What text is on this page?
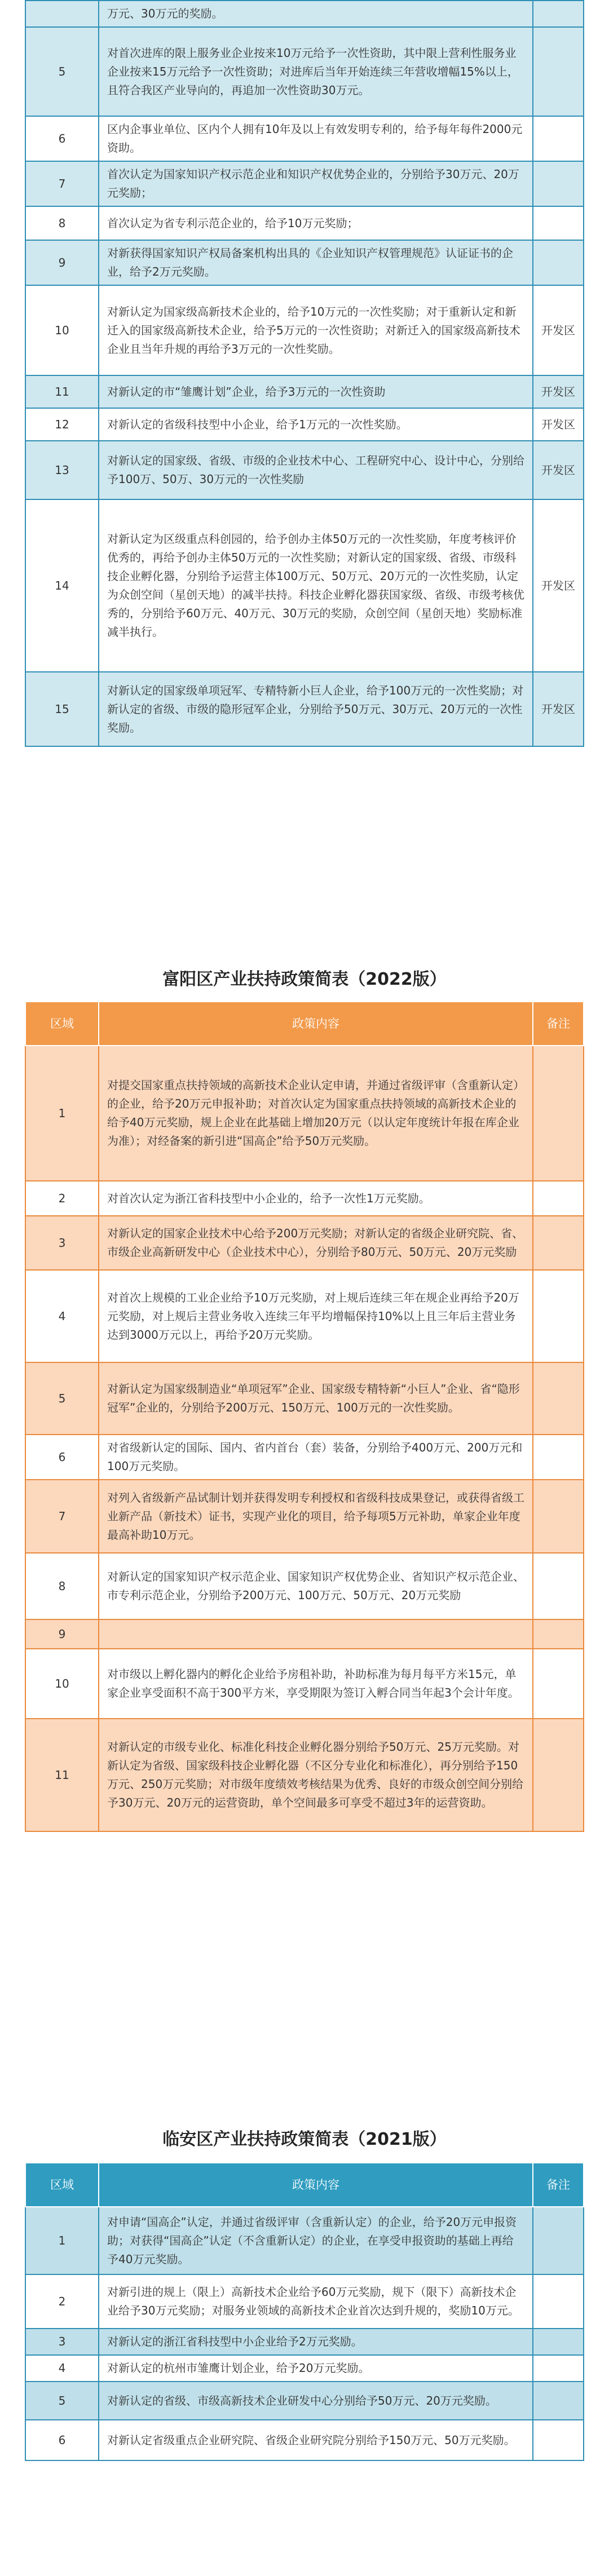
	万元、30万元的奖励。	
5	对首次进库的限上服务业企业按来10万元给予一次性资助，其中限上营利性服务业企业按来15万元给予一次性资助；对进库后当年开始连续三年营收增幅15%以上，且符合我区产业导向的，再追加一次性资助30万元。	
6	区内企事业单位、区内个人拥有10年及以上有效发明专利的，给予每年每件2000元资助。	
7	首次认定为国家知识产权示范企业和知识产权优势企业的，分别给予30万元、20万元奖励；	
8	首次认定为省专利示范企业的，给予10万元奖励；	
9	对新获得国家知识产权局备案机构出具的《企业知识产权管理规范》认证证书的企业，给予2万元奖励。	
10	对新认定为国家级高新技术企业的，给予10万元的一次性奖励；对于重新认定和新迁入的国家级高新技术企业，给予5万元的一次性资助；对新迁入的国家级高新技术企业且当年升规的再给予3万元的一次性奖励。	开发区
11	对新认定的市“雏鹰计划”企业，给予3万元的一次性资助	开发区
12	对新认定的省级科技型中小企业，给予1万元的一次性奖励。	开发区
13	对新认定的国家级、省级、市级的企业技术中心、工程研究中心、设计中心，分别给予100万、50万、30万元的一次性奖励	开发区
14	对新认定为区级重点科创园的，给予创办主体50万元的一次性奖励，年度考核评价优秀的，再给予创办主体50万元的一次性奖励；对新认定的国家级、省级、市级科技企业孵化器，分别给予运营主体100万元、50万元、20万元的一次性奖励，认定为众创空间（星创天地）的减半扶持。科技企业孵化器获国家级、省级、市级考核优秀的，分别给予60万元、40万元、30万元的奖励，众创空间（星创天地）奖励标准减半执行。	开发区
15	对新认定的国家级单项冠军、专精特新小巨人企业，给予100万元的一次性奖励；对新认定的省级、市级的隐形冠军企业，分别给予50万元、30万元、20万元的一次性奖励。	开发区
富阳区产业扶持政策简表（2022版）
区域	政策内容	备注
1	对提交国家重点扶持领域的高新技术企业认定申请，并通过省级评审（含重新认定）的企业，给予20万元申报补助；对首次认定为国家重点扶持领域的高新技术企业的给予40万元奖励，规上企业在此基础上增加20万元（以认定年度统计年报在库企业为准）；对经备案的新引进“国高企”给予50万元奖励。	
2	对首次认定为浙江省科技型中小企业的，给予一次性1万元奖励。	
3	对新认定的国家企业技术中心给予200万元奖励；对新认定的省级企业研究院、省、市级企业高新研发中心（企业技术中心），分别给予80万元、50万元、20万元奖励	
4	对首次上规模的工业企业给予10万元奖励，对上规后连续三年在规企业再给予20万元奖励，对上规后主营业务收入连续三年平均增幅保持10%以上且三年后主营业务达到3000万元以上，再给予20万元奖励。	
5	对新认定为国家级制造业“单项冠军”企业、国家级专精特新“小巨人”企业、省“隐形冠军”企业的，分别给予200万元、150万元、100万元的一次性奖励。	
6	对省级新认定的国际、国内、省内首台（套）装备，分别给予400万元、200万元和100万元奖励。	
7	对列入省级新产品试制计划并获得发明专利授权和省级科技成果登记，或获得省级工业新产品（新技术）证书，实现产业化的项目，给予每项5万元补助，单家企业年度最高补助10万元。	
8	对新认定的国家知识产权示范企业、国家知识产权优势企业、省知识产权示范企业、市专利示范企业，分别给予200万元、100万元、50万元、20万元奖励	
9		
10	对市级以上孵化器内的孵化企业给予房租补助，补助标准为每月每平方米15元，单家企业享受面积不高于300平方米，享受期限为签订入孵合同当年起3个会计年度。	
11	对新认定的市级专业化、标准化科技企业孵化器分别给予50万元、25万元奖励。对新认定为省级、国家级科技企业孵化器（不区分专业化和标准化），再分别给予150万元、250万元奖励；对市级年度绩效考核结果为优秀、良好的市级众创空间分别给予30万元、20万元的运营资助，单个空间最多可享受不超过3年的运营资助。	
临安区产业扶持政策简表（2021版）
区域	政策内容	备注
1	对申请“国高企”认定，并通过省级评审（含重新认定）的企业，给予20万元申报资助；对获得“国高企”认定（不含重新认定）的企业，在享受申报资助的基础上再给予40万元奖励。	
2	对新引进的规上（限上）高新技术企业给予60万元奖励，规下（限下）高新技术企业给予30万元奖励；对服务业领域的高新技术企业首次达到升规的，奖励10万元。	
3	对新认定的浙江省科技型中小企业给予2万元奖励。	
4	对新认定的杭州市雏鹰计划企业，给予20万元奖励。	
5	对新认定的省级、市级高新技术企业研发中心分别给予50万元、20万元奖励。	
6	对新认定省级重点企业研究院、省级企业研究院分别给予150万元、50万元奖励。	
